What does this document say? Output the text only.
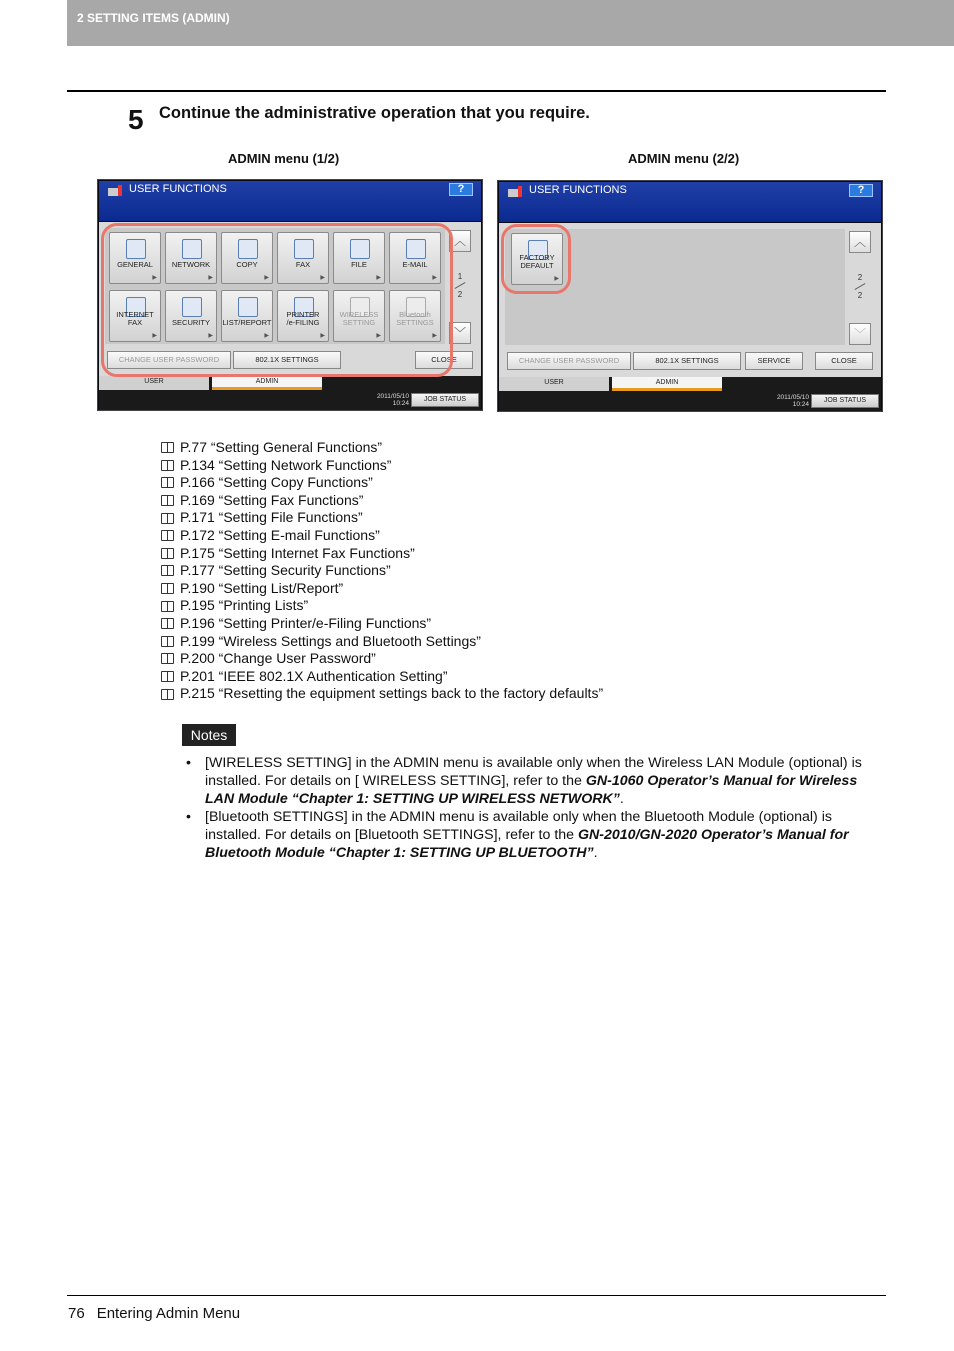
2 SETTING ITEMS (ADMIN)
5 Continue the administrative operation that you require.
ADMIN menu (1/2)	ADMIN menu (2/2)
USER FUNCTIONS	?
GENERAL
▶
NETWORK
▶
COPY
▶
FAX
▶
FILE
▶
E-MAIL
▶
INTERNET
FAX
▶
SECURITY
▶
LIST/REPORT
▶
PRINTER
/e-FILING
▶
WIRELESS
SETTING
▶
Bluetooth
SETTINGS
▶
︿
1
2
﹀
CHANGE USER PASSWORD	802.1X SETTINGS	CLOSE
USER	ADMIN
2011/05/10
10:24
JOB STATUS
USER FUNCTIONS	?
FACTORY
DEFAULT
▶
︿
2
2
﹀
CHANGE USER PASSWORD	802.1X SETTINGS	SERVICE	CLOSE
USER	ADMIN
2011/05/10
10:24
JOB STATUS
P.77 “Setting General Functions”
P.134 “Setting Network Functions”
P.166 “Setting Copy Functions”
P.169 “Setting Fax Functions”
P.171 “Setting File Functions”
P.172 “Setting E-mail Functions”
P.175 “Setting Internet Fax Functions”
P.177 “Setting Security Functions”
P.190 “Setting List/Report”
P.195 “Printing Lists”
P.196 “Setting Printer/e-Filing Functions”
P.199 “Wireless Settings and Bluetooth Settings”
P.200 “Change User Password”
P.201 “IEEE 802.1X Authentication Setting”
P.215 “Resetting the equipment settings back to the factory defaults”
Notes
• [WIRELESS SETTING] in the ADMIN menu is available only when the Wireless LAN Module (optional) is installed. For details on [ WIRELESS SETTING], refer to the GN-1060 Operator’s Manual for Wireless LAN Module “Chapter 1: SETTING UP WIRELESS NETWORK”.
• [Bluetooth SETTINGS] in the ADMIN menu is available only when the Bluetooth Module (optional) is installed. For details on [Bluetooth SETTINGS], refer to the GN-2010/GN-2020 Operator’s Manual for Bluetooth Module “Chapter 1: SETTING UP BLUETOOTH”.
76 Entering Admin Menu
